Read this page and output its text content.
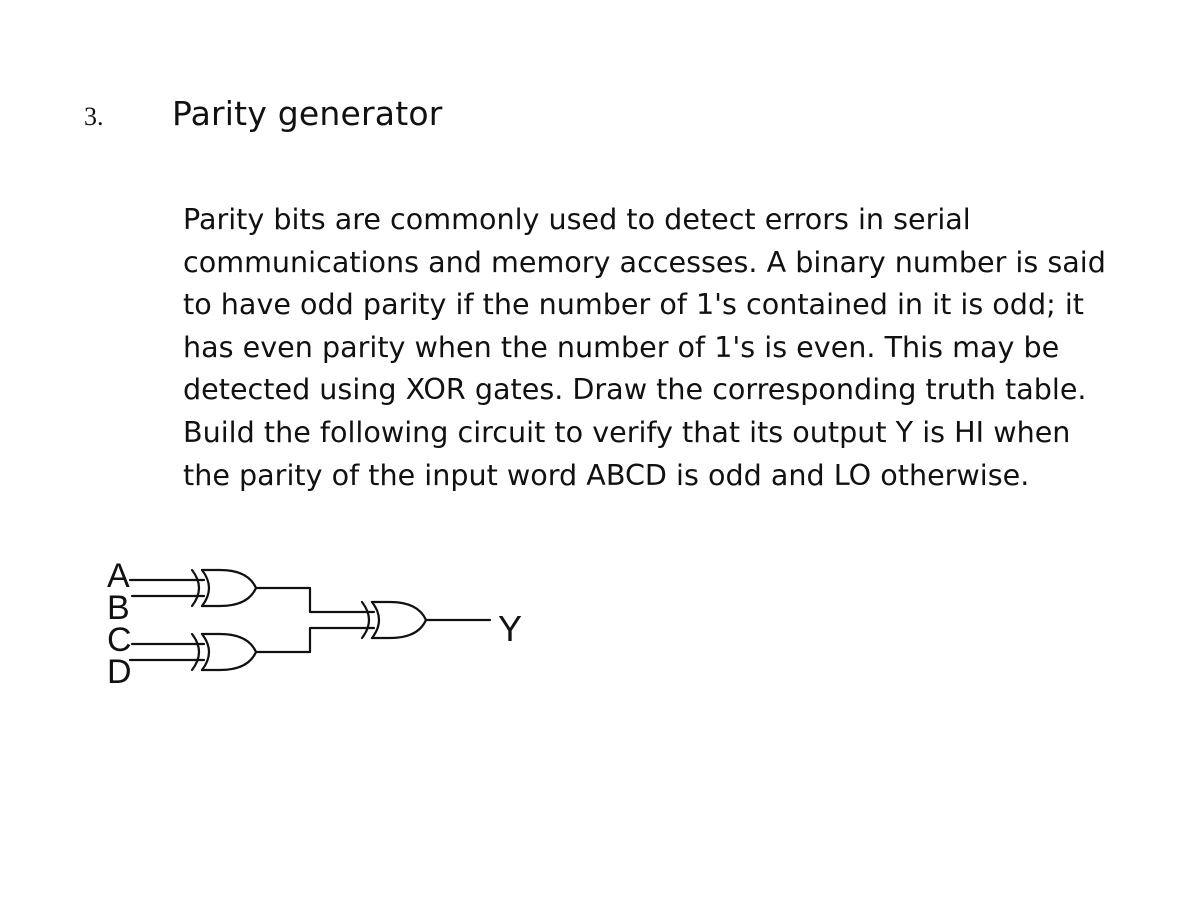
3. Parity generator

Parity bits are commonly used to detect errors in serial
communications and memory accesses. A binary number is said
to have odd parity if the number of 1's contained in it is odd; it
has even parity when the number of 1's is even. This may be
detected using XOR gates. Draw the corresponding truth table.
Build the following circuit to verify that its output Y is HI when
the parity of the input word ABCD is odd and LO otherwise.

A
B
C
D
Y
